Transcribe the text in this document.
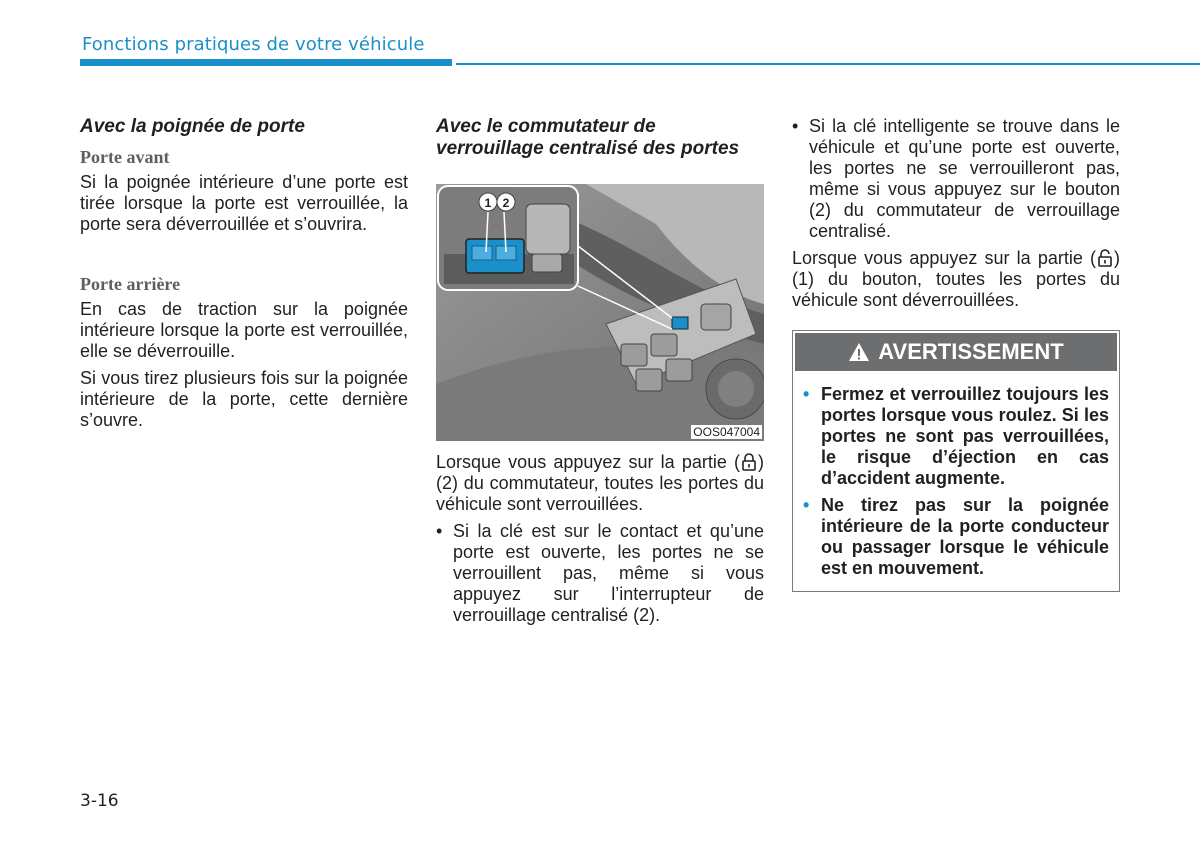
Fonctions pratiques de votre véhicule
Avec la poignée de porte
Porte avant

Si la poignée intérieure d’une porte est tirée lorsque la porte est verrouillée, la porte sera déverrouillée et s’ouvrira.

Porte arrière

En cas de traction sur la poignée intérieure lorsque la porte est verrouillée, elle se déverrouille.

Si vous tirez plusieurs fois sur la poignée intérieure de la porte, cette dernière s’ouvre.

Avec le commutateur de verrouillage centralisé des portes
1 2
OOS047004

Lorsque vous appuyez sur la partie ( ) (2) du commutateur, toutes les portes du véhicule sont verrouillées.

• Si la clé est sur le contact et qu’une porte est ouverte, les portes ne se verrouillent pas, même si vous appuyez sur l’interrupteur de verrouillage centralisé (2).
• Si la clé intelligente se trouve dans le véhicule et qu’une porte est ouverte, les portes ne se verrouilleront pas, même si vous appuyez sur le bouton (2) du commutateur de verrouillage centralisé.

Lorsque vous appuyez sur la partie ( ) (1) du bouton, toutes les portes du véhicule sont déverrouillées.

AVERTISSEMENT
• Fermez et verrouillez toujours les portes lorsque vous roulez. Si les portes ne sont pas verrouillées, le risque d’éjection en cas d’accident augmente.
• Ne tirez pas sur la poignée intérieure de la porte conducteur ou passager lorsque le véhicule est en mouvement.
3-16
